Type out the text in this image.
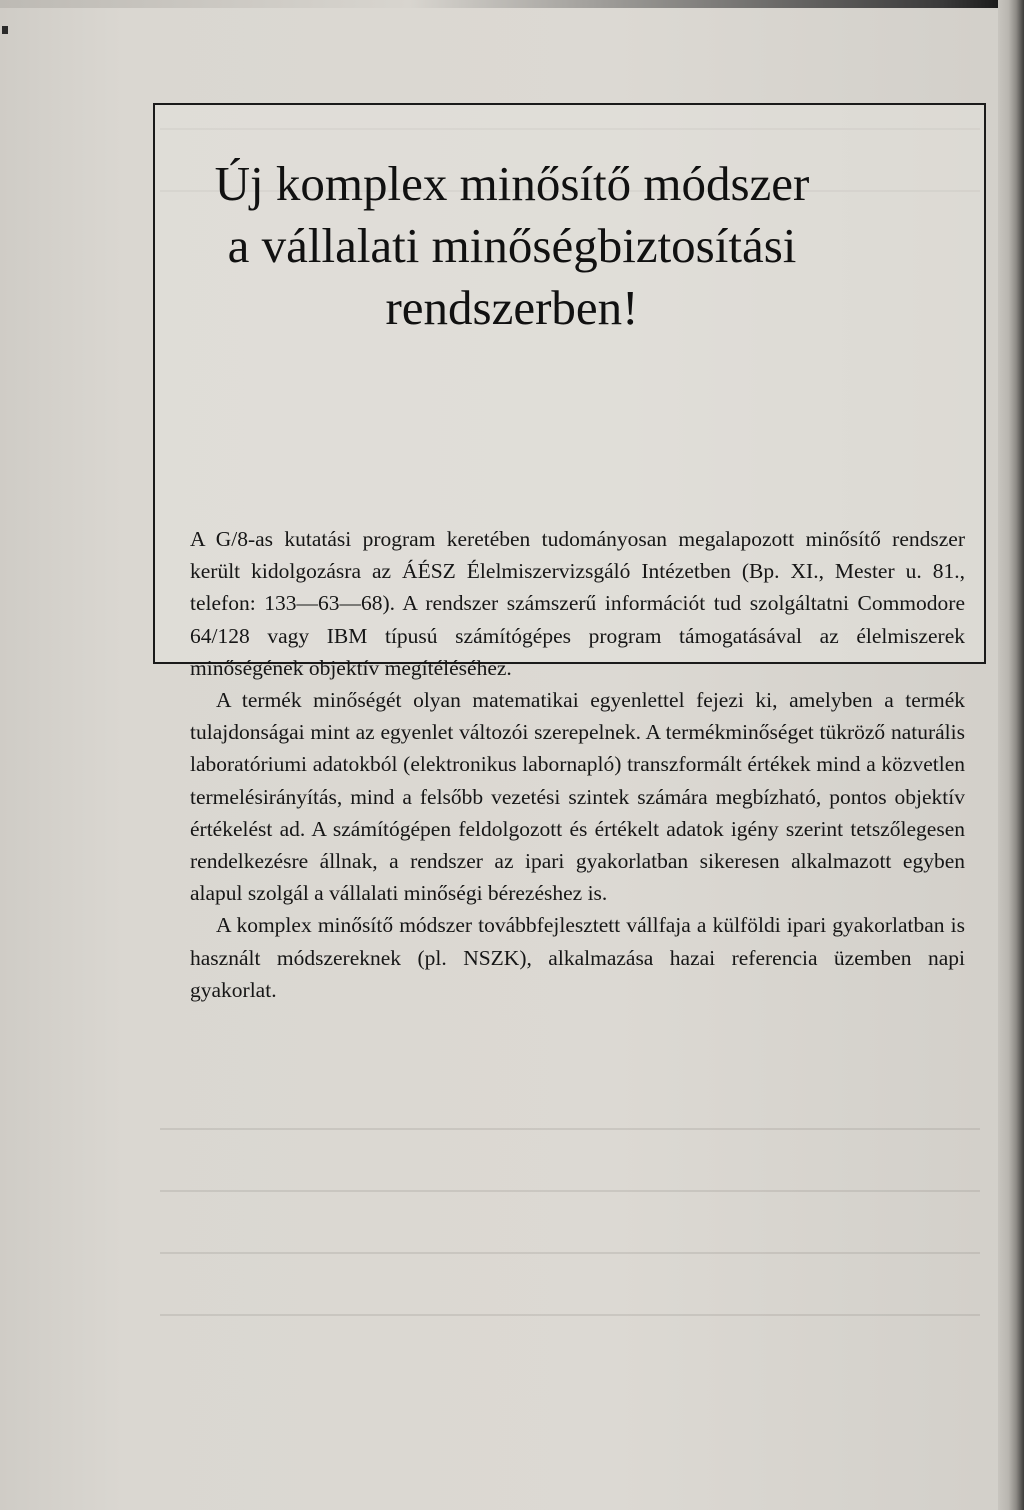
Új komplex minősítő módszer
a vállalati minőségbiztosítási
rendszerben!

A G/8-as kutatási program keretében tudományosan megalapozott minősítő rendszer került kidolgozásra az ÁÉSZ Élelmiszervizsgáló Intézetben (Bp. XI., Mester u. 81., telefon: 133—63—68). A rendszer számszerű információt tud szolgáltatni Commodore 64/128 vagy IBM típusú számítógépes program támogatásával az élelmiszerek minőségének objektív megítéléséhez.

A termék minőségét olyan matematikai egyenlettel fejezi ki, amelyben a termék tulajdonságai mint az egyenlet változói szerepelnek. A termékminőséget tükröző naturális laboratóriumi adatokból (elektronikus labornapló) transzformált értékek mind a közvetlen termelésirányítás, mind a felsőbb vezetési szintek számára megbízható, pontos objektív értékelést ad. A számítógépen feldolgozott és értékelt adatok igény szerint tetszőlegesen rendelkezésre állnak, a rendszer az ipari gyakorlatban sikeresen alkalmazott egyben alapul szolgál a vállalati minőségi bérezéshez is.

A komplex minősítő módszer továbbfejlesztett vállfaja a külföldi ipari gyakorlatban is használt módszereknek (pl. NSZK), alkalmazása hazai referencia üzemben napi gyakorlat.
